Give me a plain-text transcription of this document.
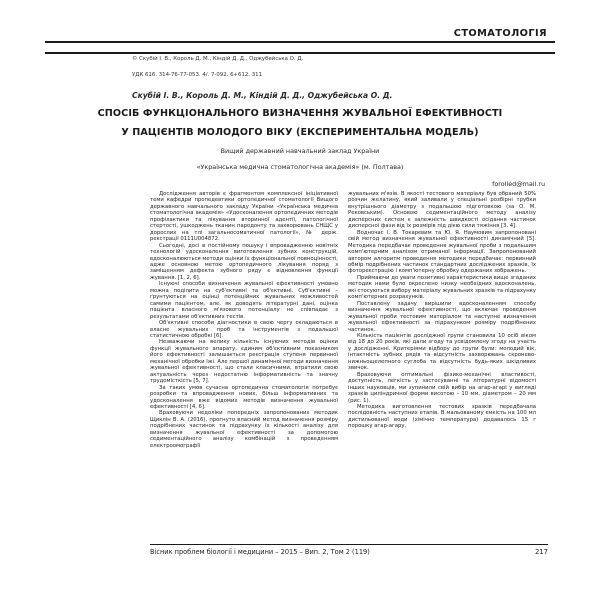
СТОМАТОЛОГІЯ
© Скубій І. В., Король Д. М., Кіндій Д. Д., Оджубейська О. Д.
УДК 616. 314-76-77-053. 4/. 7-092. 6+612. 311
Скубій І. В., Король Д. М., Кіндій Д. Д., Оджубейська О. Д.
СПОСІБ ФУНКЦІОНАЛЬНОГО ВИЗНАЧЕННЯ ЖУВАЛЬНОЇ ЕФЕКТИВНОСТІ
У ПАЦІЄНТІВ МОЛОДОГО ВІКУ (ЕКСПЕРИМЕНТАЛЬНА МОДЕЛЬ)
Вищий державний навчальний заклад України
«Українська медична стоматологічна академія» (м. Полтава)
forolled@mail.ru

Дослідження авторів є фрагментом комплексної ініціативної теми кафедри пропедевтики ортопедичної стоматології Вищого державного навчального закладу України «Українська медична стоматологічна академія» «Удосконалення ортопедичних методів профілактики та лікування вторинної адентії, патологічної стертості, ушкоджень тканин пародонту та захворювань СНЩС у дорослих на тлі загальносоматичної патології», № держ. реєстрації 0111U004872.

Сьогодні, досі в постійному пошуку і впровадженню новітніх технологій удосконалення виготовлення зубних конструкцій, вдосконалюються методи оцінки їх функціональної повноцінності, адже основною метою ортопедичного лікування поряд з заміщенням дефекта зубного ряду є відновлення функції жування. [1, 2, 6].

Існуючі способи визначення жувальної ефективності умовно можна поділити на суб'єктивні та об'єктивні. Суб'єктивні – ґрунтуються на оцінці потенційних жувальних можливостей самими пацієнтом, але, як доводять літературні дані, оцінка пацієнта власного м'язового потенціалу не співпадає з результатами об'єктивних тестів.

Об'єктивні способи діагностики в свою чергу складаються в власне жувальних проб та інструментів з подальшої статистичною обробкі [6].

Незважаючи на велику кількість існуючих методів оцінки функції жувального апарату, єдиним об'єктивним показником його ефективності залишається реєстрація ступеня первинної механічної обробки їжі. Але першої динамічної методи визначення жувальної ефективності, що стали класичними, втратили свою актуальність через недостатню інформативність та значну трудомісткість [5, 7].

За таких умов сучасна ортопедична стоматологія потребує розробки та впровадження нових, більш інформативних та удосконалення вже відомих методів визначення жувальної ефективності [4, 6].

Враховуючи недоліки попередніх запропонованих методик Щиклін В. А. (2016), прогнуто власний метод визначення розміру подрібнених частинок та підрахунку їх кількості аналізу для визначення жувальної ефективності за допомогою седиментаційного аналізу комбінацій з проведенням електроомографії

жувальних м'язів. В якості тестового матеріалу був обраний 50% розчин желатину, який заливали у спеціальні розбірні трубки внутрішнього діаметру з подальшою підготовкою (за О. М. Рековським). Основою седиментаційного методу аналізу дисперсних систем є залежність швидкості осідання частинок дисперсної фази від їх розмірів під дією сили тяжіння [3, 4].

Водночас І. В. Токарєвим та Ю. Я. Наумовим запропоновані свій метод визначення жувальної ефективності динамічний [5]. Методика передбачає проведення жувальної проби з подальшим комп'ютерним аналізом отриманої інформації. Запропонований автором алгоритм проведення методики передбачає: первинний обмір подрібнених частинок стандартних досліджених зразків, їх фотореєстрацію і комп'ютерну обробку одержаних зображень.

Приймаючи до уваги позитивні характеристики вище згаданих методик нами було окреслено низку необхідних вдосконалень, які стосуються вибору матеріалу жувальних зразків та підрахунку комп'ютерних розрахунків.

Поставлену задачу вирішили вдосконаленням способу визначення жувальної ефективності, що включає проведення жувальної проби тестовим матеріалом та наступне визначення жувальної ефективності за підрахунком розміру подрібнених частинок.

Кількість пацієнтів досліджної групи становила 10 осіб віком від 18 до 20 років, які дали згоду та усвідомлену згоду на участь у дослідженні. Критеріями відбору до групи були: молодий вік, інтактність зубних рядів та відсутність захворювань скронево-нижньощелепного суглоба та відсутність будь-яких шкідливих звичок.

Враховуючи оптимальні фізико-механічні властивості, доступність, легкість у застосуванні та літературні відомості інших науковців, ми зупинили свій вибір на агар-агарі у вигляді зразків циліндричної форми висотою – 10 мм, діаметром – 20 мм (рис. 1).

Методика виготовлення тестових зразків передбачала послідовність наступних етапів. В мальованому ємкість на 100 мл дистильованої води (хімічно температура) додавалось 15 г порошку агар-агару,

Вісник проблем біології і медицини – 2015 – Вип. 2, Том 2 (119)	217
